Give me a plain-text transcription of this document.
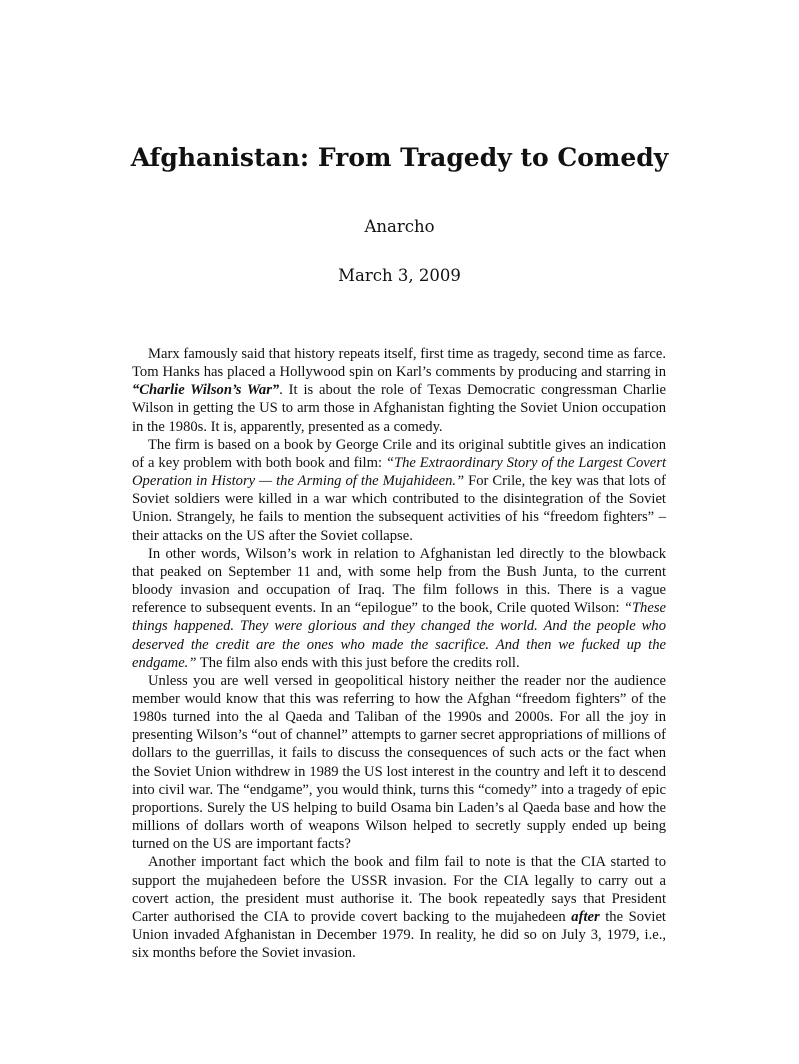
Afghanistan: From Tragedy to Comedy
Anarcho
March 3, 2009

Marx famously said that history repeats itself, first time as tragedy, second time as farce. Tom Hanks has placed a Hollywood spin on Karl’s comments by producing and starring in “Charlie Wilson’s War”. It is about the role of Texas Democratic congressman Charlie Wilson in getting the US to arm those in Afghanistan fighting the Soviet Union occupation in the 1980s. It is, apparently, presented as a comedy.

The firm is based on a book by George Crile and its original subtitle gives an indication of a key problem with both book and film: “The Extraordinary Story of the Largest Covert Operation in History — the Arming of the Mujahideen.” For Crile, the key was that lots of Soviet soldiers were killed in a war which contributed to the disintegration of the Soviet Union. Strangely, he fails to mention the subsequent activities of his “freedom fighters” – their attacks on the US after the Soviet collapse.

In other words, Wilson’s work in relation to Afghanistan led directly to the blowback that peaked on September 11 and, with some help from the Bush Junta, to the current bloody invasion and occupation of Iraq. The film follows in this. There is a vague reference to subsequent events. In an “epilogue” to the book, Crile quoted Wilson: “These things happened. They were glorious and they changed the world. And the people who deserved the credit are the ones who made the sacrifice. And then we fucked up the endgame.” The film also ends with this just before the credits roll.

Unless you are well versed in geopolitical history neither the reader nor the audience member would know that this was referring to how the Afghan “freedom fighters” of the 1980s turned into the al Qaeda and Taliban of the 1990s and 2000s. For all the joy in presenting Wilson’s “out of channel” attempts to garner secret appropriations of millions of dollars to the guerrillas, it fails to discuss the consequences of such acts or the fact when the Soviet Union withdrew in 1989 the US lost interest in the country and left it to descend into civil war. The “endgame”, you would think, turns this “comedy” into a tragedy of epic proportions. Surely the US helping to build Osama bin Laden’s al Qaeda base and how the millions of dollars worth of weapons Wilson helped to secretly supply ended up being turned on the US are important facts?

Another important fact which the book and film fail to note is that the CIA started to support the mujahedeen before the USSR invasion. For the CIA legally to carry out a covert action, the president must authorise it. The book repeatedly says that President Carter authorised the CIA to provide covert backing to the mujahedeen after the Soviet Union invaded Afghanistan in December 1979. In reality, he did so on July 3, 1979, i.e., six months before the Soviet invasion.
